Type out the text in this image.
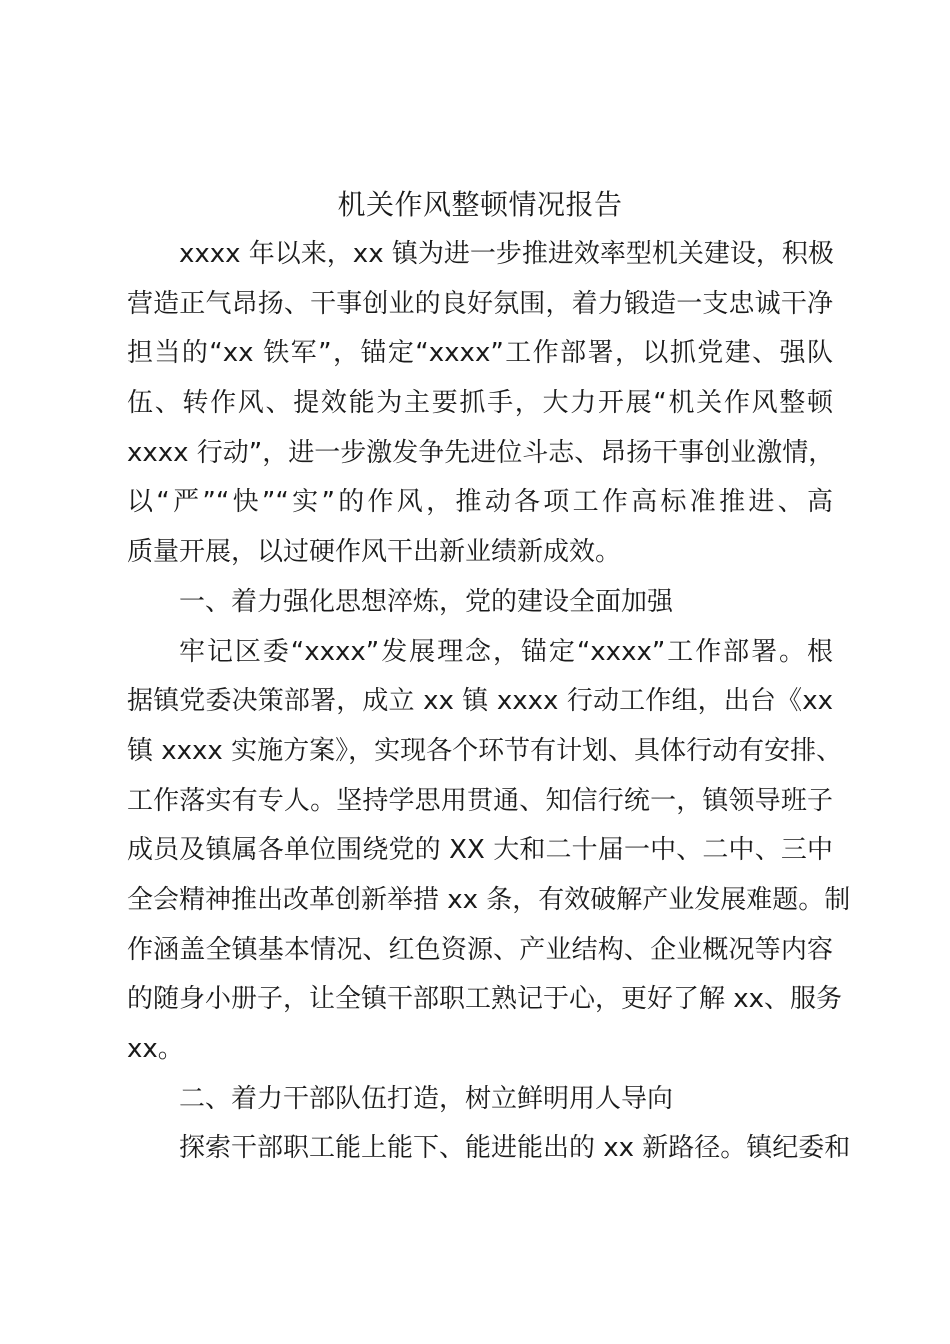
机关作风整顿情况报告
xxxx 年以来，xx 镇为进一步推进效率型机关建设，积极
营造正气昂扬、干事创业的良好氛围，着力锻造一支忠诚干净
担当的“xx 铁军”，锚定“xxxx”工作部署，以抓党建、强队
伍、转作风、提效能为主要抓手，大力开展“机关作风整顿
xxxx 行动”，进一步激发争先进位斗志、昂扬干事创业激情，
以“严”“快”“实”的作风，推动各项工作高标准推进、高
质量开展，以过硬作风干出新业绩新成效。
一、着力强化思想淬炼，党的建设全面加强
牢记区委“xxxx”发展理念，锚定“xxxx”工作部署。根
据镇党委决策部署，成立 xx 镇 xxxx 行动工作组，出台《xx
镇 xxxx 实施方案》，实现各个环节有计划、具体行动有安排、
工作落实有专人。坚持学思用贯通、知信行统一，镇领导班子
成员及镇属各单位围绕党的 XX 大和二十届一中、二中、三中
全会精神推出改革创新举措 xx 条，有效破解产业发展难题。制
作涵盖全镇基本情况、红色资源、产业结构、企业概况等内容
的随身小册子，让全镇干部职工熟记于心，更好了解 xx、服务
xx。
二、着力干部队伍打造，树立鲜明用人导向
探索干部职工能上能下、能进能出的 xx 新路径。镇纪委和
